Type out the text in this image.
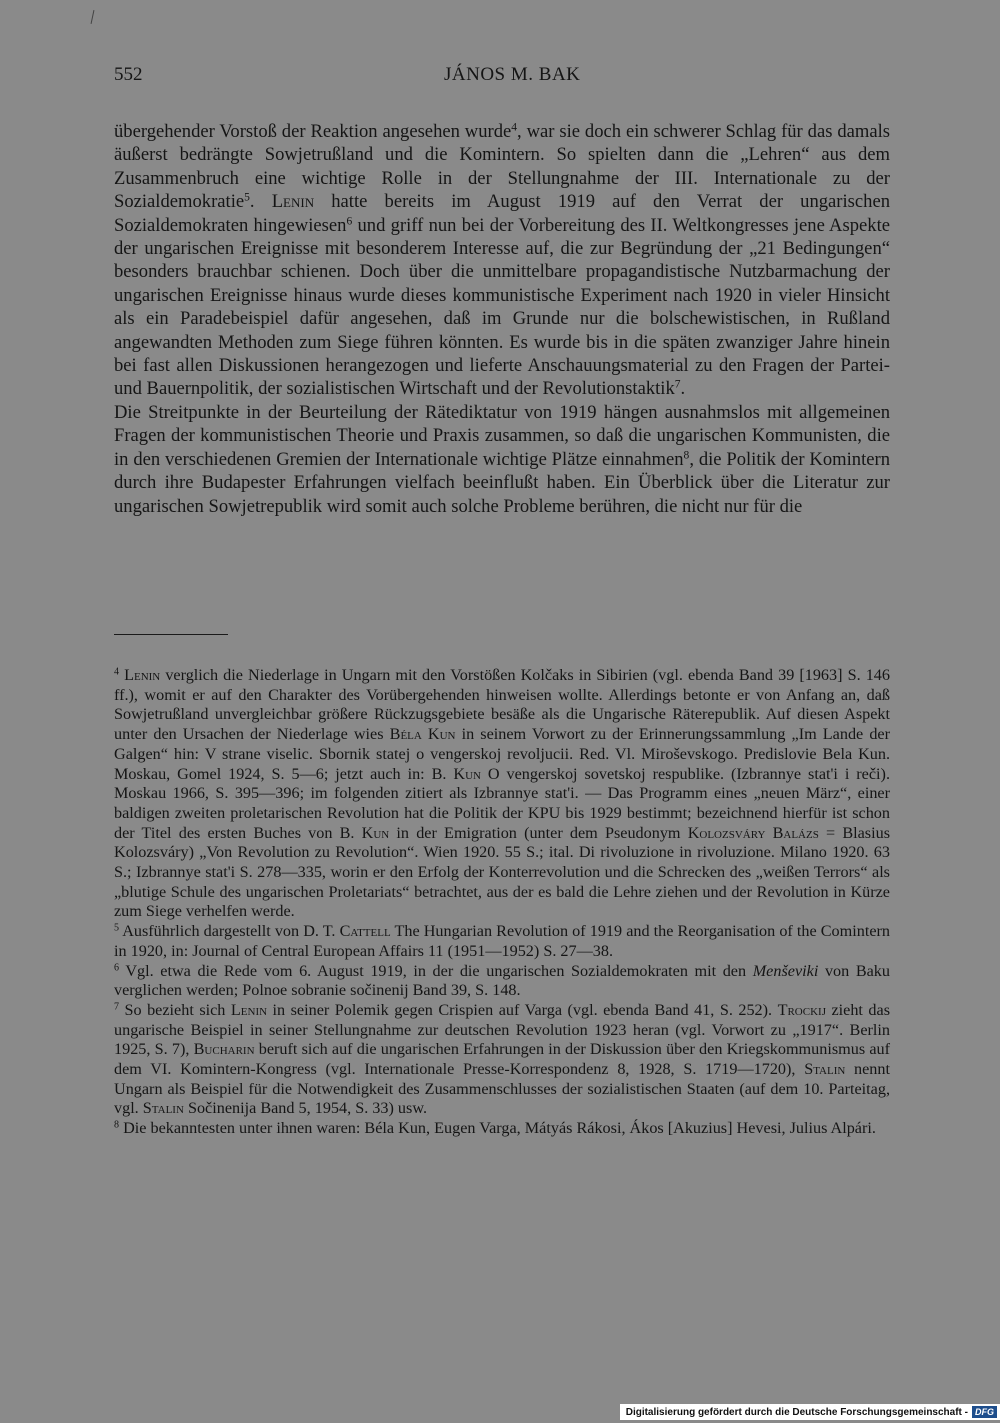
552	JÁNOS M. BAK

übergehender Vorstoß der Reaktion angesehen wurde$^4$, war sie doch ein schwerer Schlag für das damals äußerst bedrängte Sowjetrußland und die Komintern. So spielten dann die „Lehren“ aus dem Zusammenbruch eine wichtige Rolle in der Stellungnahme der III. Internationale zu der Sozialdemokratie$^5$. Lenin hatte bereits im August 1919 auf den Verrat der ungarischen Sozialdemokraten hingewiesen$^6$ und griff nun bei der Vorbereitung des II. Weltkongresses jene Aspekte der ungarischen Ereignisse mit besonderem Interesse auf, die zur Begründung der „21 Bedingungen“ besonders brauchbar schienen. Doch über die unmittelbare propagandistische Nutzbarmachung der ungarischen Ereignisse hinaus wurde dieses kommunistische Experiment nach 1920 in vieler Hinsicht als ein Paradebeispiel dafür angesehen, daß im Grunde nur die bolschewistischen, in Rußland angewandten Methoden zum Siege führen könnten. Es wurde bis in die späten zwanziger Jahre hinein bei fast allen Diskussionen herangezogen und lieferte Anschauungsmaterial zu den Fragen der Partei- und Bauernpolitik, der sozialistischen Wirtschaft und der Revolutionstaktik$^7$.

Die Streitpunkte in der Beurteilung der Rätediktatur von 1919 hängen ausnahmslos mit allgemeinen Fragen der kommunistischen Theorie und Praxis zusammen, so daß die ungarischen Kommunisten, die in den verschiedenen Gremien der Internationale wichtige Plätze einnahmen$^8$, die Politik der Komintern durch ihre Budapester Erfahrungen vielfach beeinflußt haben. Ein Überblick über die Literatur zur ungarischen Sowjetrepublik wird somit auch solche Probleme berühren, die nicht nur für die

$^4$ Lenin verglich die Niederlage in Ungarn mit den Vorstößen Kolčaks in Sibirien (vgl. ebenda Band 39 [1963] S. 146 ff.), womit er auf den Charakter des Vorübergehenden hinweisen wollte. Allerdings betonte er von Anfang an, daß Sowjetrußland unvergleichbar größere Rückzugsgebiete besäße als die Ungarische Räterepublik. Auf diesen Aspekt unter den Ursachen der Niederlage wies Béla Kun in seinem Vorwort zu der Erinnerungssammlung „Im Lande der Galgen“ hin: V strane viselic. Sbornik statej o vengerskoj revoljucii. Red. Vl. Miroševskogo. Predislovie Bela Kun. Moskau, Gomel 1924, S. 5—6; jetzt auch in: B. Kun O vengerskoj sovetskoj respublike. (Izbrannye stat'i i reči). Moskau 1966, S. 395—396; im folgenden zitiert als Izbrannye stat'i. — Das Programm eines „neuen März“, einer baldigen zweiten proletarischen Revolution hat die Politik der KPU bis 1929 bestimmt; bezeichnend hierfür ist schon der Titel des ersten Buches von B. Kun in der Emigration (unter dem Pseudonym Kolozsváry Balázs = Blasius Kolozsváry) „Von Revolution zu Revolution“. Wien 1920. 55 S.; ital. Di rivoluzione in rivoluzione. Milano 1920. 63 S.; Izbrannye stat'i S. 278—335, worin er den Erfolg der Konterrevolution und die Schrecken des „weißen Terrors“ als „blutige Schule des ungarischen Proletariats“ betrachtet, aus der es bald die Lehre ziehen und der Revolution in Kürze zum Siege verhelfen werde.

$^5$ Ausführlich dargestellt von D. T. Cattell The Hungarian Revolution of 1919 and the Reorganisation of the Comintern in 1920, in: Journal of Central European Affairs 11 (1951—1952) S. 27—38.

$^6$ Vgl. etwa die Rede vom 6. August 1919, in der die ungarischen Sozialdemokraten mit den Menševiki von Baku verglichen werden; Polnoe sobranie sočinenij Band 39, S. 148.

$^7$ So bezieht sich Lenin in seiner Polemik gegen Crispien auf Varga (vgl. ebenda Band 41, S. 252). Trockij zieht das ungarische Beispiel in seiner Stellungnahme zur deutschen Revolution 1923 heran (vgl. Vorwort zu „1917“. Berlin 1925, S. 7), Bucharin beruft sich auf die ungarischen Erfahrungen in der Diskussion über den Kriegskommunismus auf dem VI. Komintern-Kongress (vgl. Internationale Presse-Korrespondenz 8, 1928, S. 1719—1720), Stalin nennt Ungarn als Beispiel für die Notwendigkeit des Zusammenschlusses der sozialistischen Staaten (auf dem 10. Parteitag, vgl. Stalin Sočinenija Band 5, 1954, S. 33) usw.

$^8$ Die bekanntesten unter ihnen waren: Béla Kun, Eugen Varga, Mátyás Rákosi, Ákos [Akuzius] Hevesi, Julius Alpári.

Digitalisierung gefördert durch die Deutsche Forschungsgemeinschaft - DFG
